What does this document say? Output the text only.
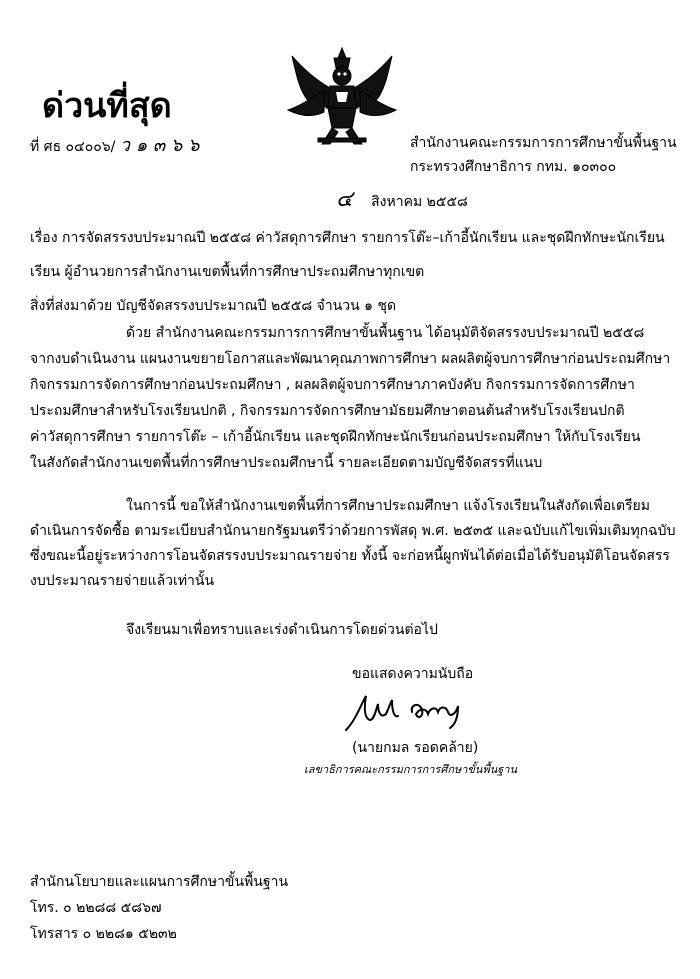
ด่วนที่สุด
ที่ ศธ ๐๔๐๐๖/ ว ๑ ๓ ๖ ๖	สำนักงานคณะกรรมการการศึกษาขั้นพื้นฐาน
กระทรวงศึกษาธิการ กทม. ๑๐๓๐๐
๔ สิงหาคม ๒๕๕๘
เรื่อง การจัดสรรงบประมาณปี ๒๕๕๘ ค่าวัสดุการศึกษา รายการโต๊ะ–เก้าอี้นักเรียน และชุดฝึกทักษะนักเรียน
เรียน ผู้อำนวยการสำนักงานเขตพื้นที่การศึกษาประถมศึกษาทุกเขต
สิ่งที่ส่งมาด้วย บัญชีจัดสรรงบประมาณปี ๒๕๕๘ จำนวน ๑ ชุด
ด้วย สำนักงานคณะกรรมการการศึกษาขั้นพื้นฐาน ได้อนุมัติจัดสรรงบประมาณปี ๒๕๕๘
จากงบดำเนินงาน แผนงานขยายโอกาสและพัฒนาคุณภาพการศึกษา ผลผลิตผู้จบการศึกษาก่อนประถมศึกษา
กิจกรรมการจัดการศึกษาก่อนประถมศึกษา , ผลผลิตผู้จบการศึกษาภาคบังคับ กิจกรรมการจัดการศึกษา
ประถมศึกษาสำหรับโรงเรียนปกติ , กิจกรรมการจัดการศึกษามัธยมศึกษาตอนต้นสำหรับโรงเรียนปกติ
ค่าวัสดุการศึกษา รายการโต๊ะ – เก้าอี้นักเรียน และชุดฝึกทักษะนักเรียนก่อนประถมศึกษา ให้กับโรงเรียน
ในสังกัดสำนักงานเขตพื้นที่การศึกษาประถมศึกษานี้ รายละเอียดตามบัญชีจัดสรรที่แนบ
ในการนี้ ขอให้สำนักงานเขตพื้นที่การศึกษาประถมศึกษา แจ้งโรงเรียนในสังกัดเพื่อเตรียม
ดำเนินการจัดซื้อ ตามระเบียบสำนักนายกรัฐมนตรีว่าด้วยการพัสดุ พ.ศ. ๒๕๓๕ และฉบับแก้ไขเพิ่มเติมทุกฉบับ
ซึ่งขณะนี้อยู่ระหว่างการโอนจัดสรรงบประมาณรายจ่าย ทั้งนี้ จะก่อหนี้ผูกพันได้ต่อเมื่อได้รับอนุมัติโอนจัดสรร
งบประมาณรายจ่ายแล้วเท่านั้น
จึงเรียนมาเพื่อทราบและเร่งดำเนินการโดยด่วนต่อไป
ขอแสดงความนับถือ
(นายกมล รอดคล้าย)
เลขาธิการคณะกรรมการการศึกษาขั้นพื้นฐาน
สำนักนโยบายและแผนการศึกษาขั้นพื้นฐาน
โทร. ๐ ๒๒๘๘ ๕๘๖๗
โทรสาร ๐ ๒๒๘๑ ๕๒๓๒
